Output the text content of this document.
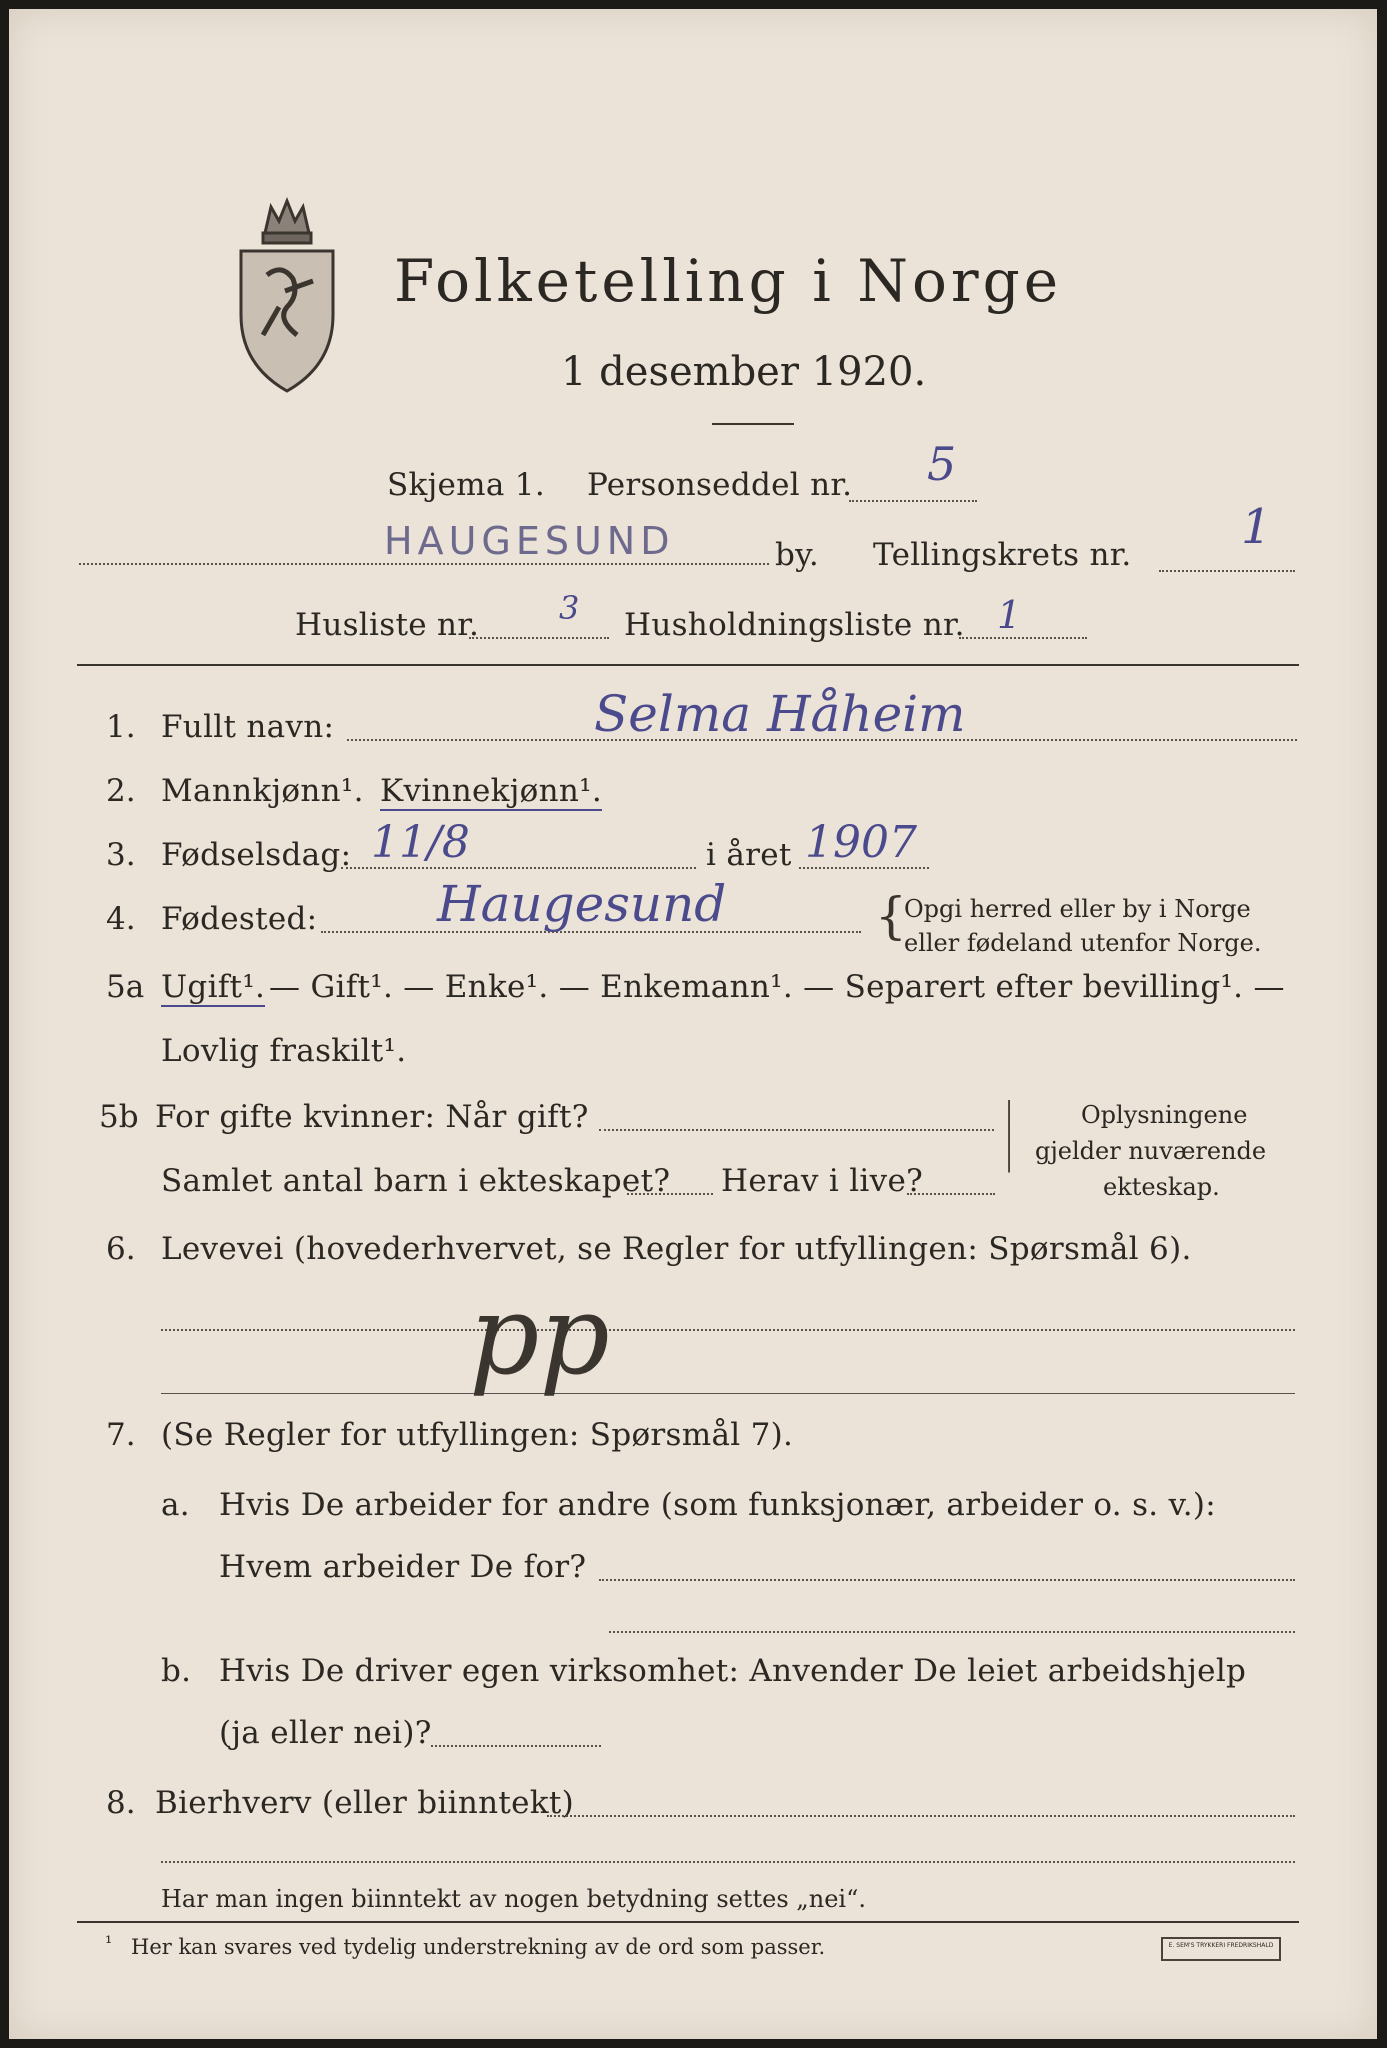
Folketelling i Norge
1 desember 1920.
Skjema 1. Personseddel nr. 5
HAUGESUND	by. Tellingskrets nr. 1
Husliste nr. 3 Husholdningsliste nr. 1
1. Fullt navn:	Selma Håheim
2. Mannkjønn¹. Kvinnekjønn¹.
3. Fødselsdag: 11/8	i året 1907
4. Fødested: Haugesund	{
Opgi herred eller by i Norge
eller fødeland utenfor Norge.
5a Ugift¹. — Gift¹. — Enke¹. — Enkemann¹. — Separert efter bevilling¹. —
Lovlig fraskilt¹.
5b For gifte kvinner: Når gift?
Samlet antal barn i ekteskapet? Herav i live?
|
|
|
Oplysningene
gjelder nuværende
ekteskap.
6. Levevei (hovederhvervet, se Regler for utfyllingen: Spørsmål 6).
pp
7. (Se Regler for utfyllingen: Spørsmål 7).
a. Hvis De arbeider for andre (som funksjonær, arbeider o. s. v.):
Hvem arbeider De for?
b. Hvis De driver egen virksomhet: Anvender De leiet arbeidshjelp
(ja eller nei)?
8. Bierhverv (eller biinntekt)
Har man ingen biinntekt av nogen betydning settes „nei“.
¹ Her kan svares ved tydelig understrekning av de ord som passer.	E. SEM'S TRYKKERI FREDRIKSHALD
